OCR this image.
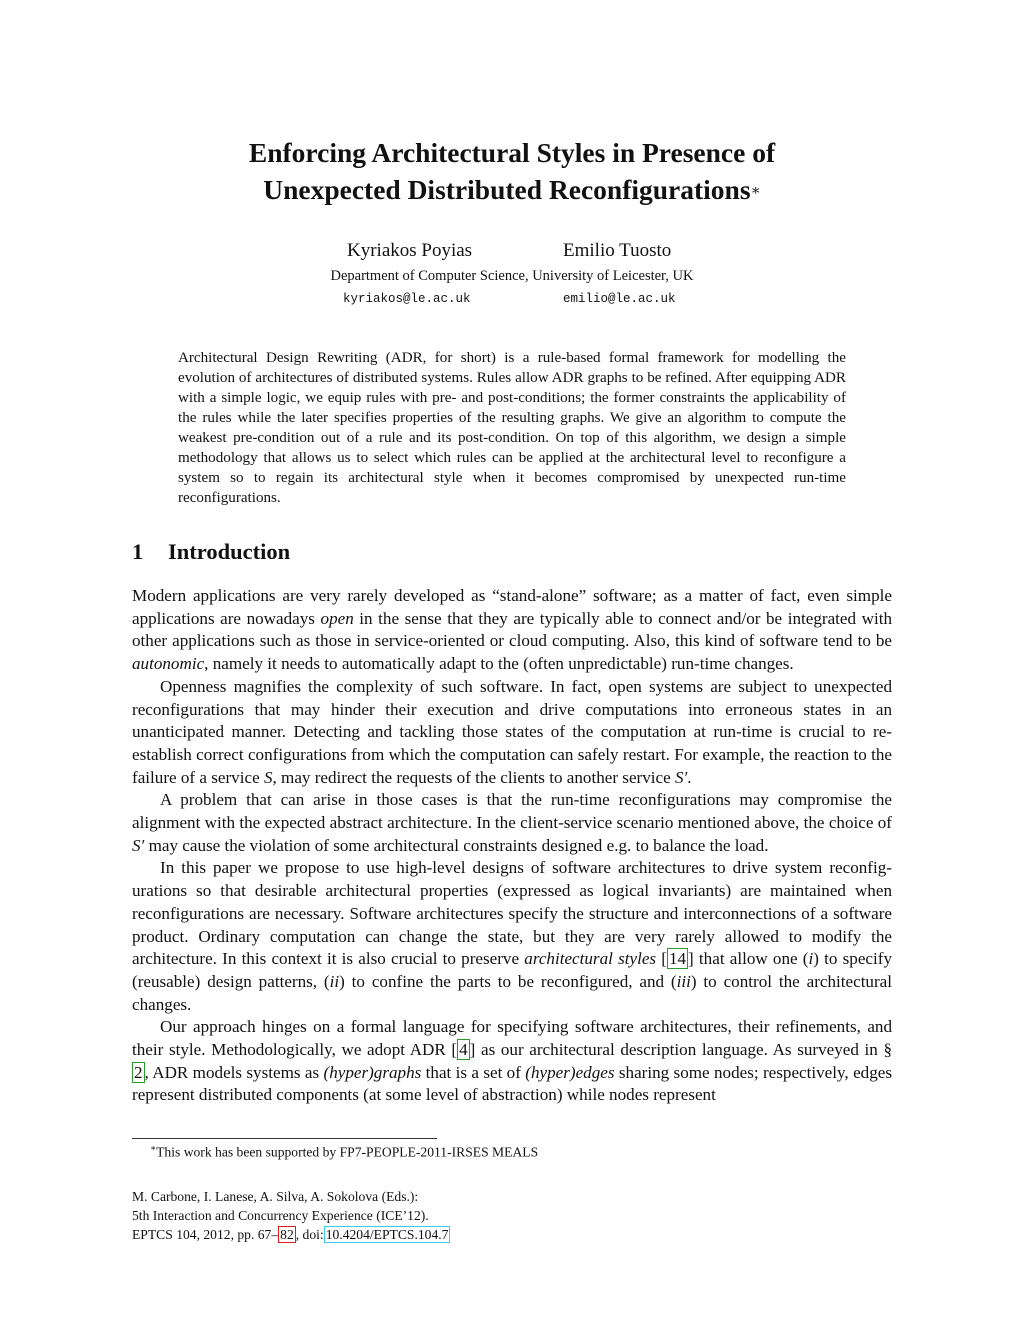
Enforcing Architectural Styles in Presence of
Unexpected Distributed Reconfigurations∗
Kyriakos Poyias	Emilio Tuosto
Department of Computer Science, University of Leicester, UK
kyriakos@le.ac.uk	emilio@le.ac.uk
Architectural Design Rewriting (ADR, for short) is a rule-based formal framework for modelling the evolution of architectures of distributed systems. Rules allow ADR graphs to be refined. After equipping ADR with a simple logic, we equip rules with pre- and post-conditions; the former constraints the applicability of the rules while the later specifies properties of the resulting graphs. We give an algorithm to compute the weakest pre-condition out of a rule and its post-condition. On top of this algorithm, we design a simple methodology that allows us to select which rules can be applied at the architectural level to reconfigure a system so to regain its architectural style when it becomes compromised by unexpected run-time reconfigurations.
1 Introduction

Modern applications are very rarely developed as “stand-alone” software; as a matter of fact, even simple applications are nowadays open in the sense that they are typically able to connect and/or be integrated with other applications such as those in service-oriented or cloud computing. Also, this kind of software tend to be autonomic, namely it needs to automatically adapt to the (often unpredictable) run-time changes.

Openness magnifies the complexity of such software. In fact, open systems are subject to unexpected reconfigurations that may hinder their execution and drive computations into erroneous states in an unanticipated manner. Detecting and tackling those states of the computation at run-time is crucial to re-establish correct configurations from which the computation can safely restart. For example, the reaction to the failure of a service S, may redirect the requests of the clients to another service S′.

A problem that can arise in those cases is that the run-time reconfigurations may compromise the alignment with the expected abstract architecture. In the client-service scenario mentioned above, the choice of S′ may cause the violation of some architectural constraints designed e.g. to balance the load.

In this paper we propose to use high-level designs of software architectures to drive system reconfigurations so that desirable architectural properties (expressed as logical invariants) are maintained when reconfigurations are necessary. Software architectures specify the structure and interconnections of a software product. Ordinary computation can change the state, but they are very rarely allowed to modify the architecture. In this context it is also crucial to preserve architectural styles [ 14 ] that allow one (i) to specify (reusable) design patterns, (ii) to confine the parts to be reconfigured, and (iii) to control the architectural changes.

Our approach hinges on a formal language for specifying software architectures, their refinements, and their style. Methodologically, we adopt ADR [ 4 ] as our architectural description language. As surveyed in § 2 , ADR models systems as (hyper)graphs that is a set of (hyper)edges sharing some nodes; respectively, edges represent distributed components (at some level of abstraction) while nodes represent

∗This work has been supported by FP7-PEOPLE-2011-IRSES MEALS
M. Carbone, I. Lanese, A. Silva, A. Sokolova (Eds.):
5th Interaction and Concurrency Experience (ICE’12).
EPTCS 104, 2012, pp. 67– 82 , doi: 10.4204/EPTCS.104.7
